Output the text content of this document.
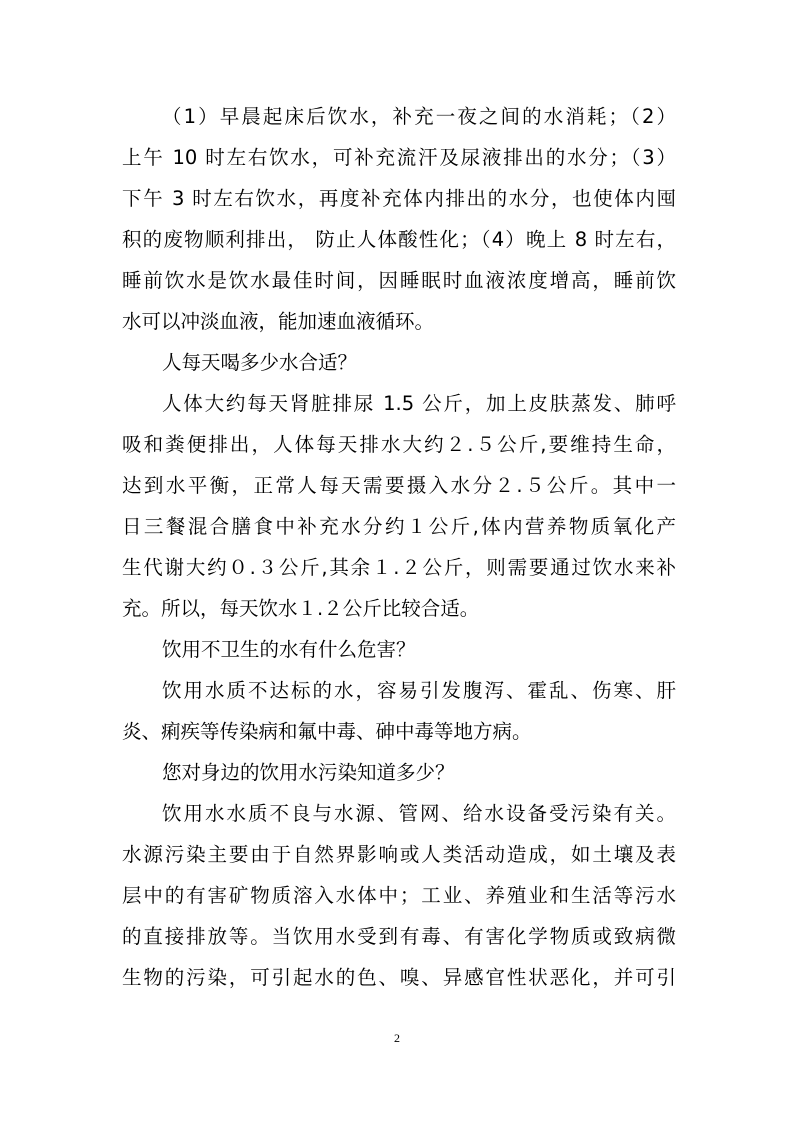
（1）早晨起床后饮水，补充一夜之间的水消耗；（2）
上午 10 时左右饮水，可补充流汗及尿液排出的水分；（3）
下午 3 时左右饮水，再度补充体内排出的水分，也使体内囤
积的废物顺利排出， 防止人体酸性化；（4）晚上 8 时左右，
睡前饮水是饮水最佳时间，因睡眠时血液浓度增高，睡前饮
水可以冲淡血液，能加速血液循环。
人每天喝多少水合适？
人体大约每天肾脏排尿 1.5 公斤，加上皮肤蒸发、肺呼
吸和粪便排出，人体每天排水大约２.５公斤,要维持生命，
达到水平衡，正常人每天需要摄入水分２.５公斤。其中一
日三餐混合膳食中补充水分约１公斤,体内营养物质氧化产
生代谢大约０.３公斤,其余１.２公斤，则需要通过饮水来补
充。所以，每天饮水１.２公斤比较合适。
饮用不卫生的水有什么危害？
饮用水质不达标的水，容易引发腹泻、霍乱、伤寒、肝
炎、痢疾等传染病和氟中毒、砷中毒等地方病。
您对身边的饮用水污染知道多少？
饮用水水质不良与水源、管网、给水设备受污染有关。
水源污染主要由于自然界影响或人类活动造成，如土壤及表
层中的有害矿物质溶入水体中；工业、养殖业和生活等污水
的直接排放等。当饮用水受到有毒、有害化学物质或致病微
生物的污染，可引起水的色、嗅、异感官性状恶化，并可引
2
